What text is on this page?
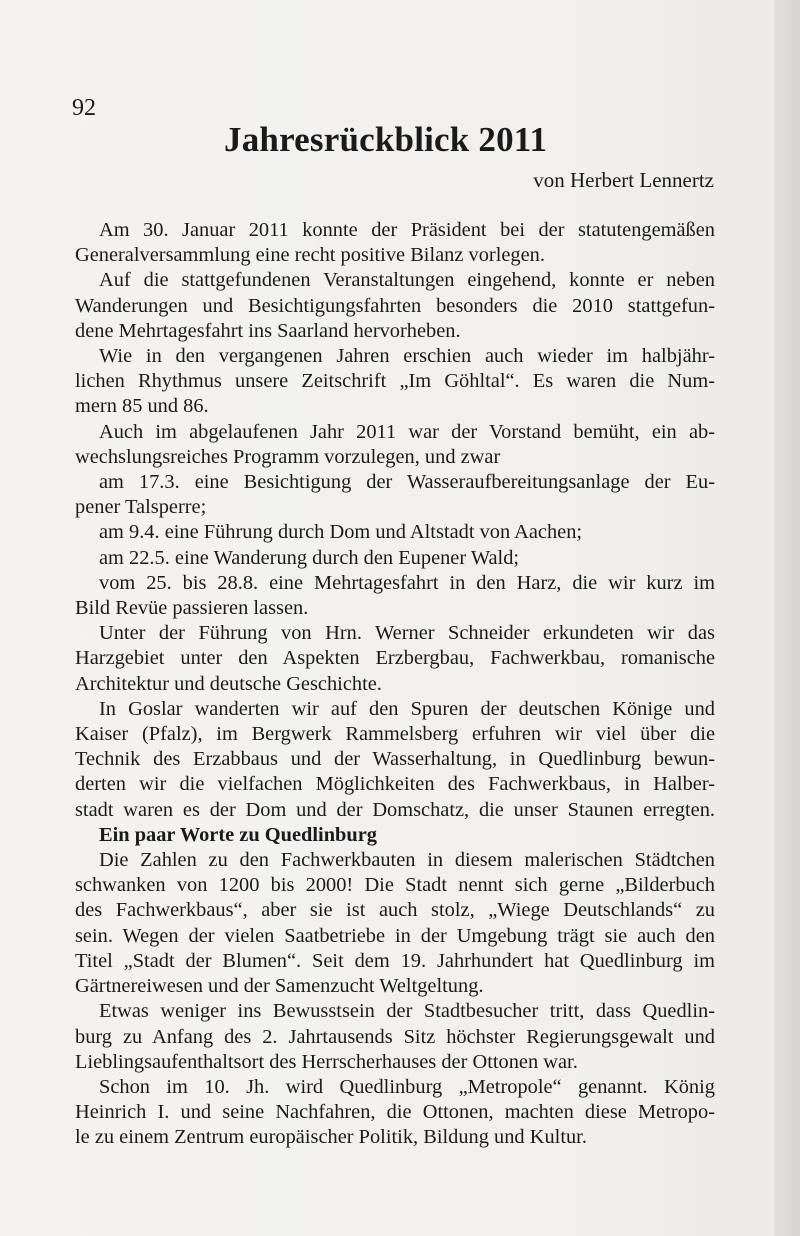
92
Jahresrückblick 2011
von Herbert Lennertz

Am 30. Januar 2011 konnte der Präsident bei der statutengemäßen
Generalversammlung eine recht positive Bilanz vorlegen.

Auf die stattgefundenen Veranstaltungen eingehend, konnte er neben
Wanderungen und Besichtigungsfahrten besonders die 2010 stattgefun-
dene Mehrtagesfahrt ins Saarland hervorheben.

Wie in den vergangenen Jahren erschien auch wieder im halbjähr-
lichen Rhythmus unsere Zeitschrift „Im Göhltal“. Es waren die Num-
mern 85 und 86.

Auch im abgelaufenen Jahr 2011 war der Vorstand bemüht, ein ab-
wechslungsreiches Programm vorzulegen, und zwar

am 17.3. eine Besichtigung der Wasseraufbereitungsanlage der Eu-
pener Talsperre;

am 9.4. eine Führung durch Dom und Altstadt von Aachen;

am 22.5. eine Wanderung durch den Eupener Wald;

vom 25. bis 28.8. eine Mehrtagesfahrt in den Harz, die wir kurz im
Bild Revüe passieren lassen.

Unter der Führung von Hrn. Werner Schneider erkundeten wir das
Harzgebiet unter den Aspekten Erzbergbau, Fachwerkbau, romanische
Architektur und deutsche Geschichte.

In Goslar wanderten wir auf den Spuren der deutschen Könige und
Kaiser (Pfalz), im Bergwerk Rammelsberg erfuhren wir viel über die
Technik des Erzabbaus und der Wasserhaltung, in Quedlinburg bewun-
derten wir die vielfachen Möglichkeiten des Fachwerkbaus, in Halber-
stadt waren es der Dom und der Domschatz, die unser Staunen erregten.

Ein paar Worte zu Quedlinburg

Die Zahlen zu den Fachwerkbauten in diesem malerischen Städtchen
schwanken von 1200 bis 2000! Die Stadt nennt sich gerne „Bilderbuch
des Fachwerkbaus“, aber sie ist auch stolz, „Wiege Deutschlands“ zu
sein. Wegen der vielen Saatbetriebe in der Umgebung trägt sie auch den
Titel „Stadt der Blumen“. Seit dem 19. Jahrhundert hat Quedlinburg im
Gärtnereiwesen und der Samenzucht Weltgeltung.

Etwas weniger ins Bewusstsein der Stadtbesucher tritt, dass Quedlin-
burg zu Anfang des 2. Jahrtausends Sitz höchster Regierungsgewalt und
Lieblingsaufenthaltsort des Herrscherhauses der Ottonen war.

Schon im 10. Jh. wird Quedlinburg „Metropole“ genannt. König
Heinrich I. und seine Nachfahren, die Ottonen, machten diese Metropo-
le zu einem Zentrum europäischer Politik, Bildung und Kultur.
